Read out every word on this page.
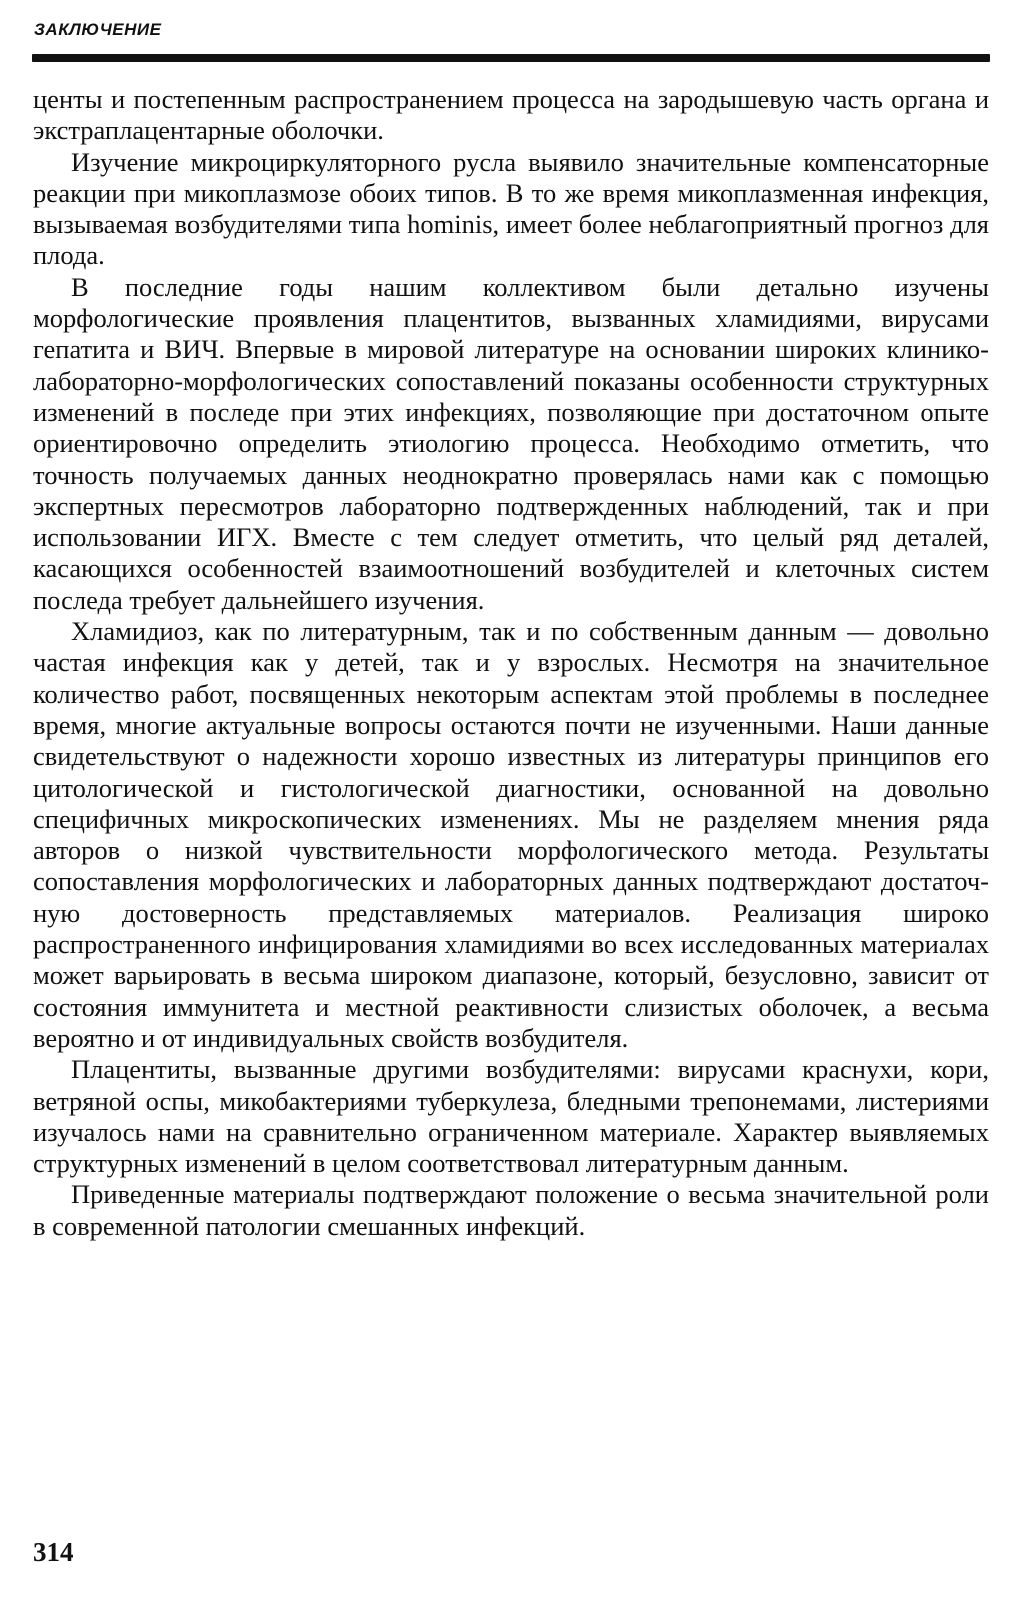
ЗАКЛЮЧЕНИЕ

центы и постепенным распространением процесса на зародышевую часть органа и экстраплацентарные оболочки.

Изучение микроциркуляторного русла выявило значительные компенсаторные реакции при микоплазмозе обоих типов. В то же время микоплазменная инфекция, вызываемая возбудителями типа hominis, имеет более неблагоприятный прогноз для плода.

В последние годы нашим коллективом были детально изучены морфологические проявления плацентитов, вызванных хламидиями, вирусами гепатита и ВИЧ. Впервые в мировой литературе на основании широких клинико-лабораторно-морфологических сопоставлений показаны особенности структурных изменений в последе при этих инфекциях, позволяющие при достаточном опыте ориентировочно определить этиологию процесса. Необходимо отметить, что точность получаемых данных неоднократно проверялась нами как с помощью экспертных пересмотров лабораторно подтвержденных наблюдений, так и при использовании ИГХ. Вместе с тем следует отметить, что целый ряд деталей, касающихся особенностей взаимоотношений возбудителей и клеточных систем последа требует дальнейшего изучения.

Хламидиоз, как по литературным, так и по собственным данным — довольно частая инфекция как у детей, так и у взрослых. Несмотря на значительное количество работ, посвященных некоторым аспектам этой проблемы в последнее время, многие актуальные вопросы остаются почти не изученными. Наши данные свидетельствуют о надежности хорошо известных из литературы принципов его цитологической и гистологической диагностики, основанной на довольно специфичных микроскопических изменениях. Мы не разделяем мнения ряда авторов о низкой чувствительности морфологического метода. Результаты сопоставления морфологических и лабораторных данных подтверждают достаточную достоверность представляемых материалов. Реализация широко распространенного инфицирования хламидиями во всех исследованных материалах может варьировать в весьма широком диапазоне, который, безусловно, зависит от состояния иммунитета и местной реактивности слизистых оболочек, а весьма вероятно и от индивидуальных свойств возбудителя.

Плацентиты, вызванные другими возбудителями: вирусами краснухи, кори, ветряной оспы, микобактериями туберкулеза, бледными трепонемами, листериями изучалось нами на сравнительно ограниченном материале. Характер выявляемых структурных изменений в целом соответствовал литературным данным.

Приведенные материалы подтверждают положение о весьма значительной роли в современной патологии смешанных инфекций.

314
